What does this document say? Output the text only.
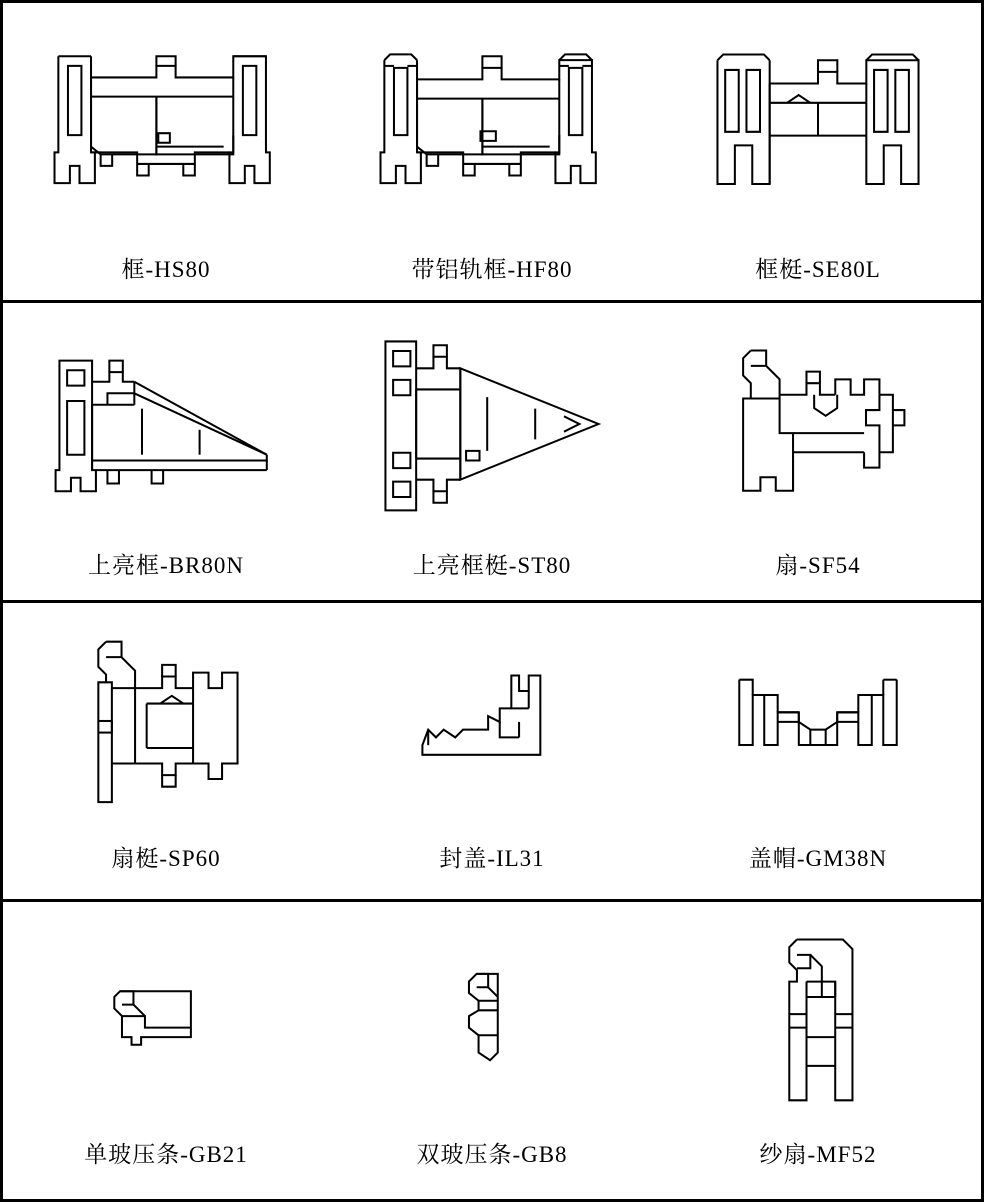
框-HS80	带铝轨框-HF80	框梃-SE80L
上亮框-BR80N	上亮框梃-ST80	扇-SF54
扇梃-SP60	封盖-IL31	盖帽-GM38N
单玻压条-GB21	双玻压条-GB8	纱扇-MF52
